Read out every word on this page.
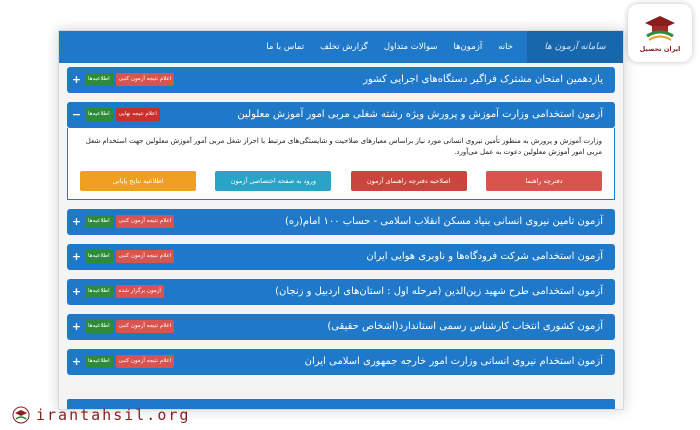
سامانه آزمون ها
خانه
آزمون‌ها
سوالات متداول
گزارش تخلف
تماس با ما
+	اطلاعیه‌ها	اعلام نتیجه آزمون کتبی	یازدهمین امتحان مشترک فراگیر دستگاه‌های اجرایی کشور
−	اطلاعیه‌ها	اعلام نتیجه نهایی	آزمون استخدامی وزارت آموزش و پرورش ویژه رشته شغلی مربی امور آموزش معلولین

وزارت آموزش و پرورش به منظور تأمین نیروی انسانی مورد نیاز براساس معیارهای صلاحیت و شایستگی‌های مرتبط با احراز شغل مربی آمور آموزش معلولین جهت استخدام شغل مربی امور آموزش معلولین دعوت به عمل می‌آورد.

دفترچه راهنما
اصلاحیه دفترچه راهنمای آزمون
ورود به صفحه اختصاصی آزمون
اطلاعیه نتایج پایانی
+	اطلاعیه‌ها	اعلام نتیجه آزمون کتبی	آزمون تامین نیروی انسانی بنیاد مسکن انقلاب اسلامی - حساب ۱۰۰ امام(ره)
+	اطلاعیه‌ها	اعلام نتیجه آزمون کتبی	آزمون استخدامی شرکت فرودگاه‌ها و ناوبری هوایی ایران
+	اطلاعیه‌ها	آزمون برگزار شده	آزمون استخدامی طرح شهید زین‌الدین (مرحله اول : استان‌های اردبیل و زنجان)
+	اطلاعیه‌ها	اعلام نتیجه آزمون کتبی	آزمون کشوری انتخاب کارشناس رسمی استاندارد(اشخاص حقیقی)
+	اطلاعیه‌ها	اعلام نتیجه آزمون کتبی	آزمون استخدام نیروی انسانی وزارت امور خارجه جمهوری اسلامی ایران
ایران تحصیل
irantahsil.org
